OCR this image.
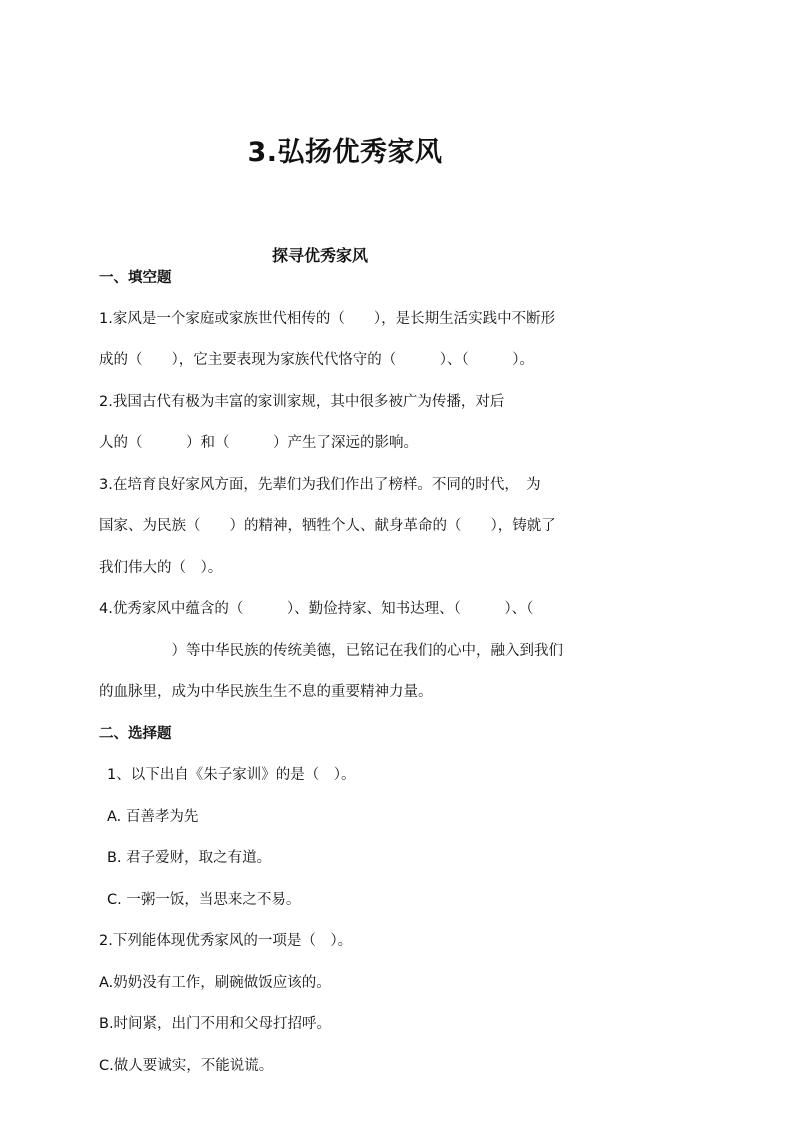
3.弘扬优秀家风
探寻优秀家风
一、填空题
1.家风是一个家庭或家族世代相传的（　　），是长期生活实践中不断形
成的（　　），它主要表现为家族代代恪守的（　　　）、（　　　）。
2.我国古代有极为丰富的家训家规，其中很多被广为传播，对后
人的（　　　）和（　　　）产生了深远的影响。
3.在培育良好家风方面，先辈们为我们作出了榜样。不同的时代，　为
国家、为民族（　　）的精神，牺牲个人、献身革命的（　　），铸就了
我们伟大的（　）。
4.优秀家风中蕴含的（　　　）、勤俭持家、知书达理、（　　　）、（
　　　　　）等中华民族的传统美德，已铭记在我们的心中，融入到我们
的血脉里，成为中华民族生生不息的重要精神力量。
二、选择题
1、以下出自《朱子家训》的是（　）。
A. 百善孝为先
B. 君子爱财，取之有道。
C. 一粥一饭，当思来之不易。
2.下列能体现优秀家风的一项是（　）。
A.奶奶没有工作，刷碗做饭应该的。
B.时间紧，出门不用和父母打招呼。
C.做人要诚实，不能说谎。
